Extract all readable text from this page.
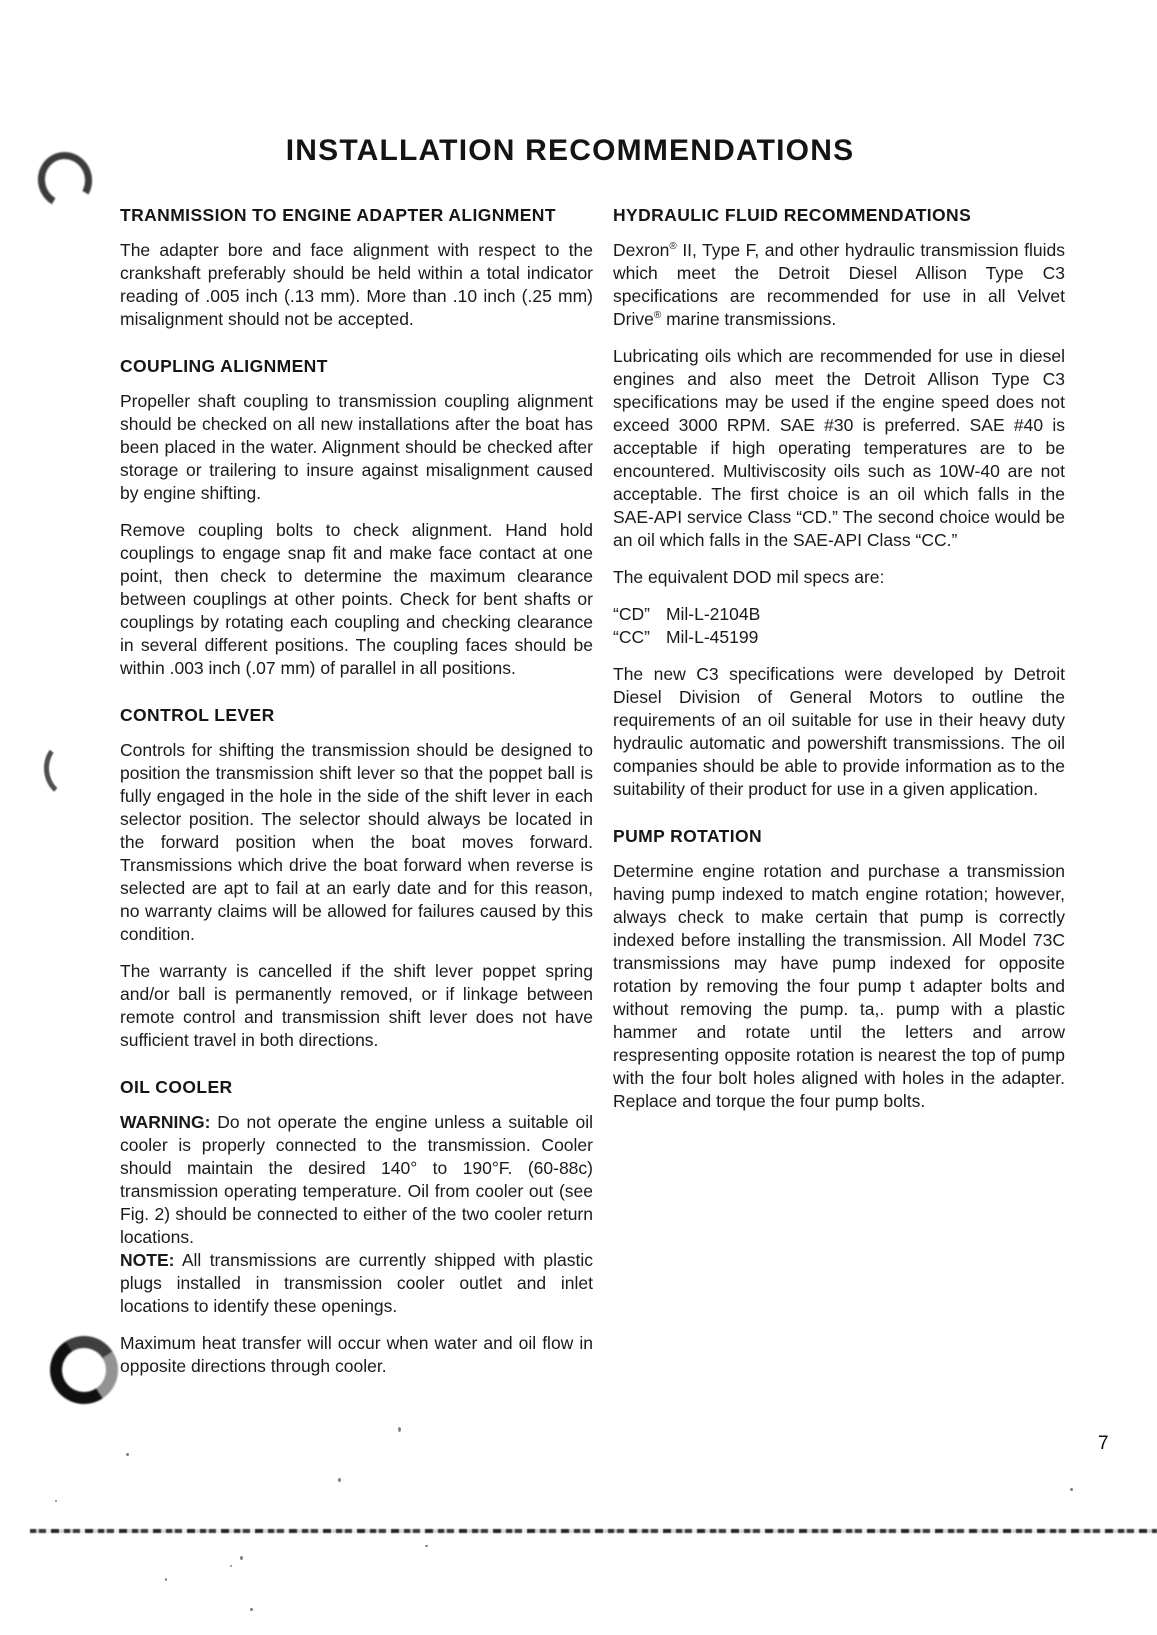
INSTALLATION RECOMMENDATIONS
TRANMISSION TO ENGINE ADAPTER ALIGNMENT

The adapter bore and face alignment with respect to the crankshaft preferably should be held within a total indicator reading of .005 inch (.13 mm). More than .10 inch (.25 mm) misalignment should not be accepted.

COUPLING ALIGNMENT

Propeller shaft coupling to transmission coupling alignment should be checked on all new installations after the boat has been placed in the water. Alignment should be checked after storage or trailering to insure against misalignment caused by engine shifting.

Remove coupling bolts to check alignment. Hand hold couplings to engage snap fit and make face contact at one point, then check to determine the maximum clearance between couplings at other points. Check for bent shafts or couplings by rotating each coupling and checking clearance in several different positions. The coupling faces should be within .003 inch (.07 mm) of parallel in all positions.

CONTROL LEVER

Controls for shifting the transmission should be designed to position the transmission shift lever so that the poppet ball is fully engaged in the hole in the side of the shift lever in each selector position. The selector should always be located in the forward position when the boat moves forward. Transmissions which drive the boat forward when reverse is selected are apt to fail at an early date and for this reason, no warranty claims will be allowed for failures caused by this condition.

The warranty is cancelled if the shift lever poppet spring and/or ball is permanently removed, or if linkage between remote control and transmission shift lever does not have sufficient travel in both directions.

OIL COOLER

WARNING: Do not operate the engine unless a suitable oil cooler is properly connected to the transmission. Cooler should maintain the desired 140° to 190°F. (60-88c) transmission operating temperature. Oil from cooler out (see Fig. 2) should be connected to either of the two cooler return locations.
NOTE: All transmissions are currently shipped with plastic plugs installed in transmission cooler outlet and inlet locations to identify these openings.

Maximum heat transfer will occur when water and oil flow in opposite directions through cooler.

HYDRAULIC FLUID RECOMMENDATIONS

Dexron® II, Type F, and other hydraulic transmission fluids which meet the Detroit Diesel Allison Type C3 specifications are recommended for use in all Velvet Drive® marine transmissions.

Lubricating oils which are recommended for use in diesel engines and also meet the Detroit Allison Type C3 specifications may be used if the engine speed does not exceed 3000 RPM. SAE #30 is preferred. SAE #40 is acceptable if high operating temperatures are to be encountered. Multiviscosity oils such as 10W-40 are not acceptable. The first choice is an oil which falls in the SAE-API service Class “CD.” The second choice would be an oil which falls in the SAE-API Class “CC.”

The equivalent DOD mil specs are:

“CD” Mil-L-2104B
“CC” Mil-L-45199

The new C3 specifications were developed by Detroit Diesel Division of General Motors to outline the requirements of an oil suitable for use in their heavy duty hydraulic automatic and powershift transmissions. The oil companies should be able to provide information as to the suitability of their product for use in a given application.

PUMP ROTATION

Determine engine rotation and purchase a transmission having pump indexed to match engine rotation; however, always check to make certain that pump is correctly indexed before installing the transmission. All Model 73C transmissions may have pump indexed for opposite rotation by removing the four pump t adapter bolts and without removing the pump. ta,. pump with a plastic hammer and rotate until the letters and arrow respresenting opposite rotation is nearest the top of pump with the four bolt holes aligned with holes in the adapter. Replace and torque the four pump bolts.

7
